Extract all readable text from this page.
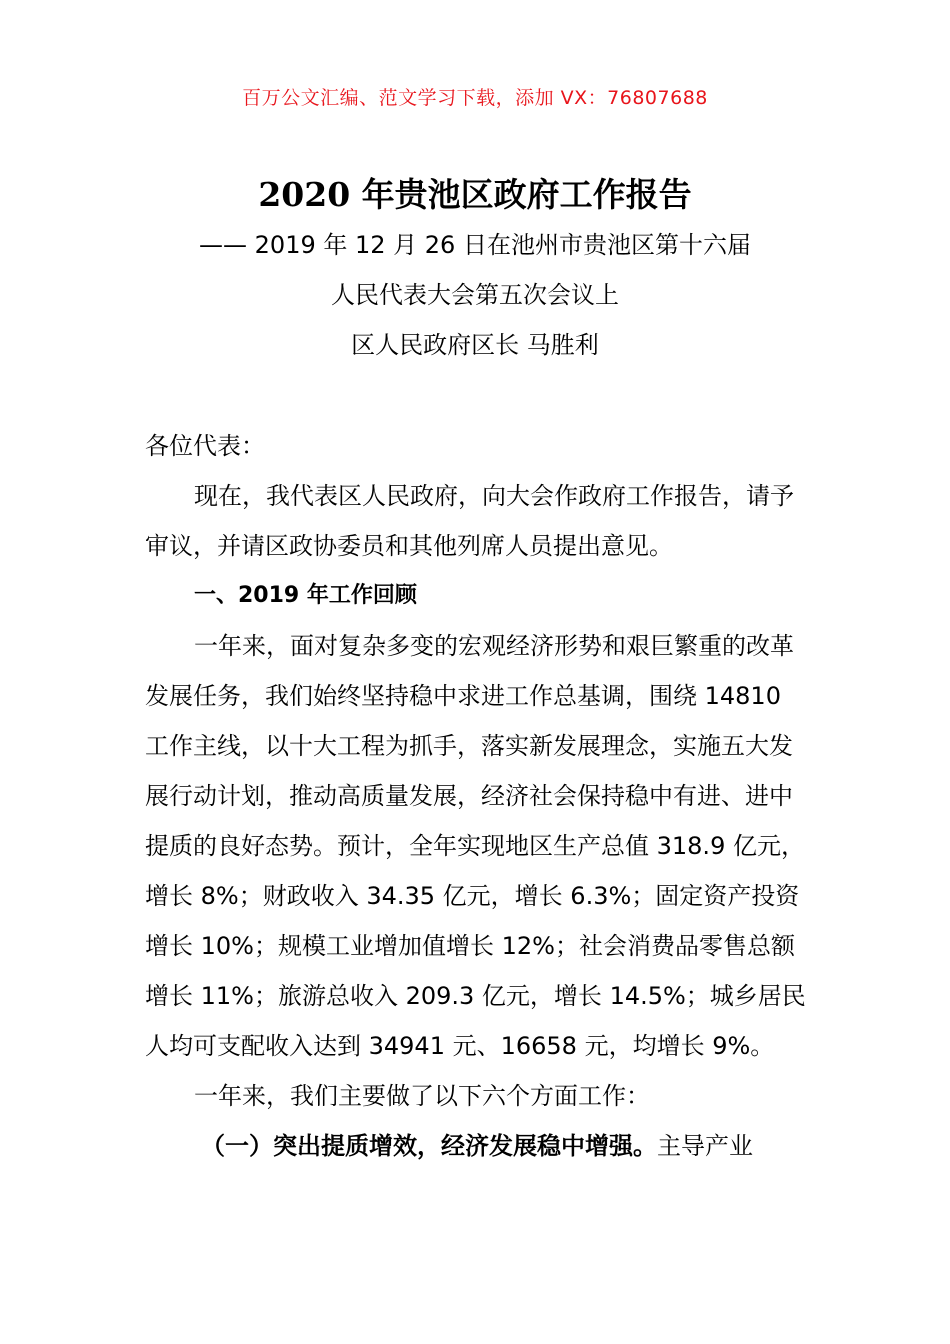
百万公文汇编、范文学习下载，添加 VX：76807688
2020 年贵池区政府工作报告
—— 2019 年 12 月 26 日在池州市贵池区第十六届
人民代表大会第五次会议上
区人民政府区长 马胜利

各位代表：

现在，我代表区人民政府，向大会作政府工作报告，请予审议，并请区政协委员和其他列席人员提出意见。

一、2019 年工作回顾

一年来，面对复杂多变的宏观经济形势和艰巨繁重的改革发展任务，我们始终坚持稳中求进工作总基调，围绕 14810 工作主线，以十大工程为抓手，落实新发展理念，实施五大发展行动计划，推动高质量发展，经济社会保持稳中有进、进中提质的良好态势。预计，全年实现地区生产总值 318.9 亿元，增长 8%；财政收入 34.35 亿元，增长 6.3%；固定资产投资增长 10%；规模工业增加值增长 12%；社会消费品零售总额增长 11%；旅游总收入 209.3 亿元，增长 14.5%；城乡居民人均可支配收入达到 34941 元、16658 元，均增长 9%。

一年来，我们主要做了以下六个方面工作：

（一）突出提质增效，经济发展稳中增强。主导产业
